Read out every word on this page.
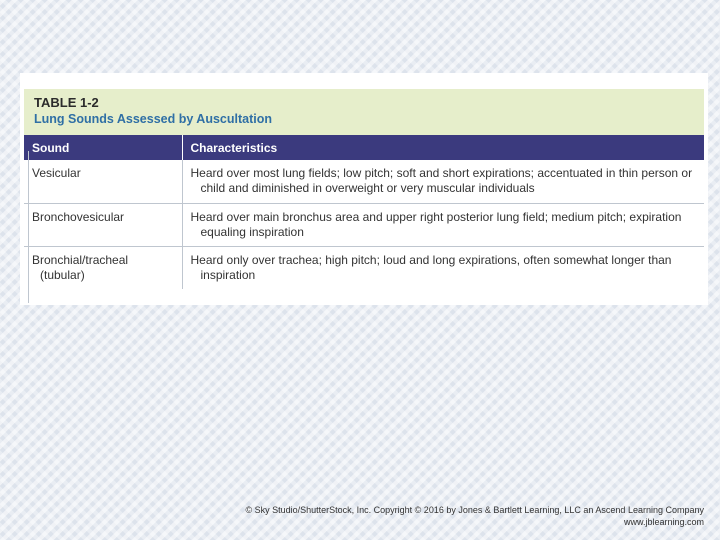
TABLE 1-2
Lung Sounds Assessed by Auscultation
Sound	Characteristics
Vesicular	Heard over most lung fields; low pitch; soft and short expirations; accentuated in thin person or
child and diminished in overweight or very muscular individuals

Bronchovesicular	Heard over main bronchus area and upper right posterior lung field; medium pitch; expiration
equaling inspiration

Bronchial/tracheal
(tubular)	Heard only over trachea; high pitch; loud and long expirations, often somewhat longer than
inspiration
© Sky Studio/ShutterStock, Inc. Copyright © 2016 by Jones & Bartlett Learning, LLC an Ascend Learning Company
www.jblearning.com
